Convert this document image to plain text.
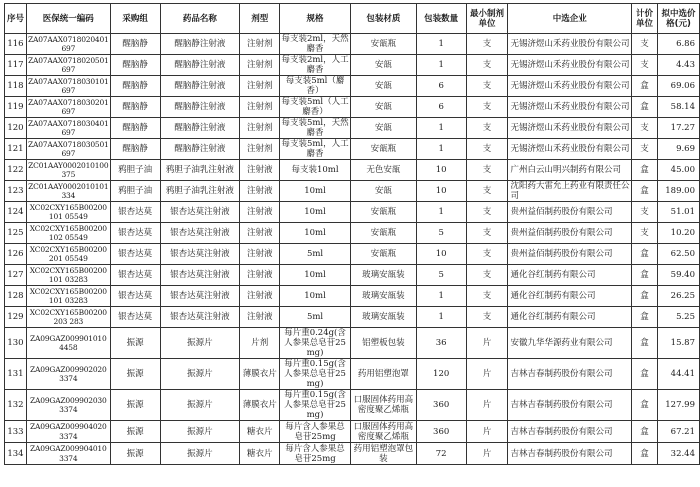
序号	医保统一编码	采购组	药品名称	剂型	规格	包装材质	包装数量	最小制剂单位	中选企业	计价单位	拟中选价格(元)
116	ZA07AAX0718020401697	醒脑静	醒脑静注射液	注射剂	每支装2ml，天然麝香	安瓿瓶	1	支	无锡济煜山禾药业股份有限公司	支	6.86
117	ZA07AAX0718020501697	醒脑静	醒脑静注射液	注射剂	每支装2ml，人工麝香	安瓿	1	支	无锡济煜山禾药业股份有限公司	支	4.43
118	ZA07AAX0718030101697	醒脑静	醒脑静注射液	注射剂	每支装5ml（麝香）	安瓿	6	支	无锡济煜山禾药业股份有限公司	盒	69.06
119	ZA07AAX0718030201697	醒脑静	醒脑静注射液	注射剂	每支装5ml（人工麝香）	安瓿	6	支	无锡济煜山禾药业股份有限公司	盒	58.14
120	ZA07AAX0718030401697	醒脑静	醒脑静注射液	注射剂	每支装5ml，天然麝香	安瓿	1	支	无锡济煜山禾药业股份有限公司	支	17.27
121	ZA07AAX0718030501697	醒脑静	醒脑静注射液	注射剂	每支装5ml，人工麝香	安瓿瓶	1	支	无锡济煜山禾药业股份有限公司	支	9.69
122	ZC01AAY0002010100375	鸦胆子油	鸦胆子油乳注射液	注射液	每支装10ml	无色安瓿	10	支	广州白云山明兴制药有限公司	盒	45.00
123	ZC01AAY0002010101334	鸦胆子油	鸦胆子油乳注射液	注射液	10ml	安瓿	10	支	沈阳药大雷允上药业有限责任公司	盒	189.00
124	XC02CXY165B00200101 05549	银杏达莫	银杏达莫注射液	注射液	10ml	安瓿瓶	1	支	贵州益佰制药股份有限公司	支	51.01
125	XC02CXY165B00200102 05549	银杏达莫	银杏达莫注射液	注射液	10ml	安瓿瓶	5	支	贵州益佰制药股份有限公司	支	10.20
126	XC02CXY165B00200201 05549	银杏达莫	银杏达莫注射液	注射液	5ml	安瓿瓶	10	支	贵州益佰制药股份有限公司	盒	62.50
127	XC02CXY165B00200101 03283	银杏达莫	银杏达莫注射液	注射液	10ml	玻璃安瓿装	5	支	通化谷红制药有限公司	盒	59.40
128	XC02CXY165B00200101 03283	银杏达莫	银杏达莫注射液	注射液	10ml	玻璃安瓿装	1	支	通化谷红制药有限公司	盒	26.25
129	XC02CXY165B00200203 283	银杏达莫	银杏达莫注射液	注射液	5ml	玻璃安瓿装	1	支	通化谷红制药有限公司	盒	5.25
130	ZA09GAZ0099010104458	振源	振源片	片剂	每片重0.24g(含人参果总皂苷25mg)	铝塑板包装	36	片	安徽九华华源药业有限公司	盒	15.87
131	ZA09GAZ0099020203374	振源	振源片	薄膜衣片	每片重0.15g(含人参果总皂苷25mg)	药用铝塑泡罩	120	片	吉林吉春制药股份有限公司	盒	44.41
132	ZA09GAZ0099020303374	振源	振源片	薄膜衣片	每片重0.15g(含人参果总皂苷25mg)	口服固体药用高密度聚乙烯瓶	360	片	吉林吉春制药股份有限公司	盒	127.99
133	ZA09GAZ0099040203374	振源	振源片	糖衣片	每片含人参果总皂苷25mg	口服固体药用高密度聚乙烯瓶	360	片	吉林吉春制药股份有限公司	盒	67.21
134	ZA09GAZ0099040103374	振源	振源片	糖衣片	每片含人参果总皂苷25mg	药用铝塑泡罩包装	72	片	吉林吉春制药股份有限公司	盒	32.44
